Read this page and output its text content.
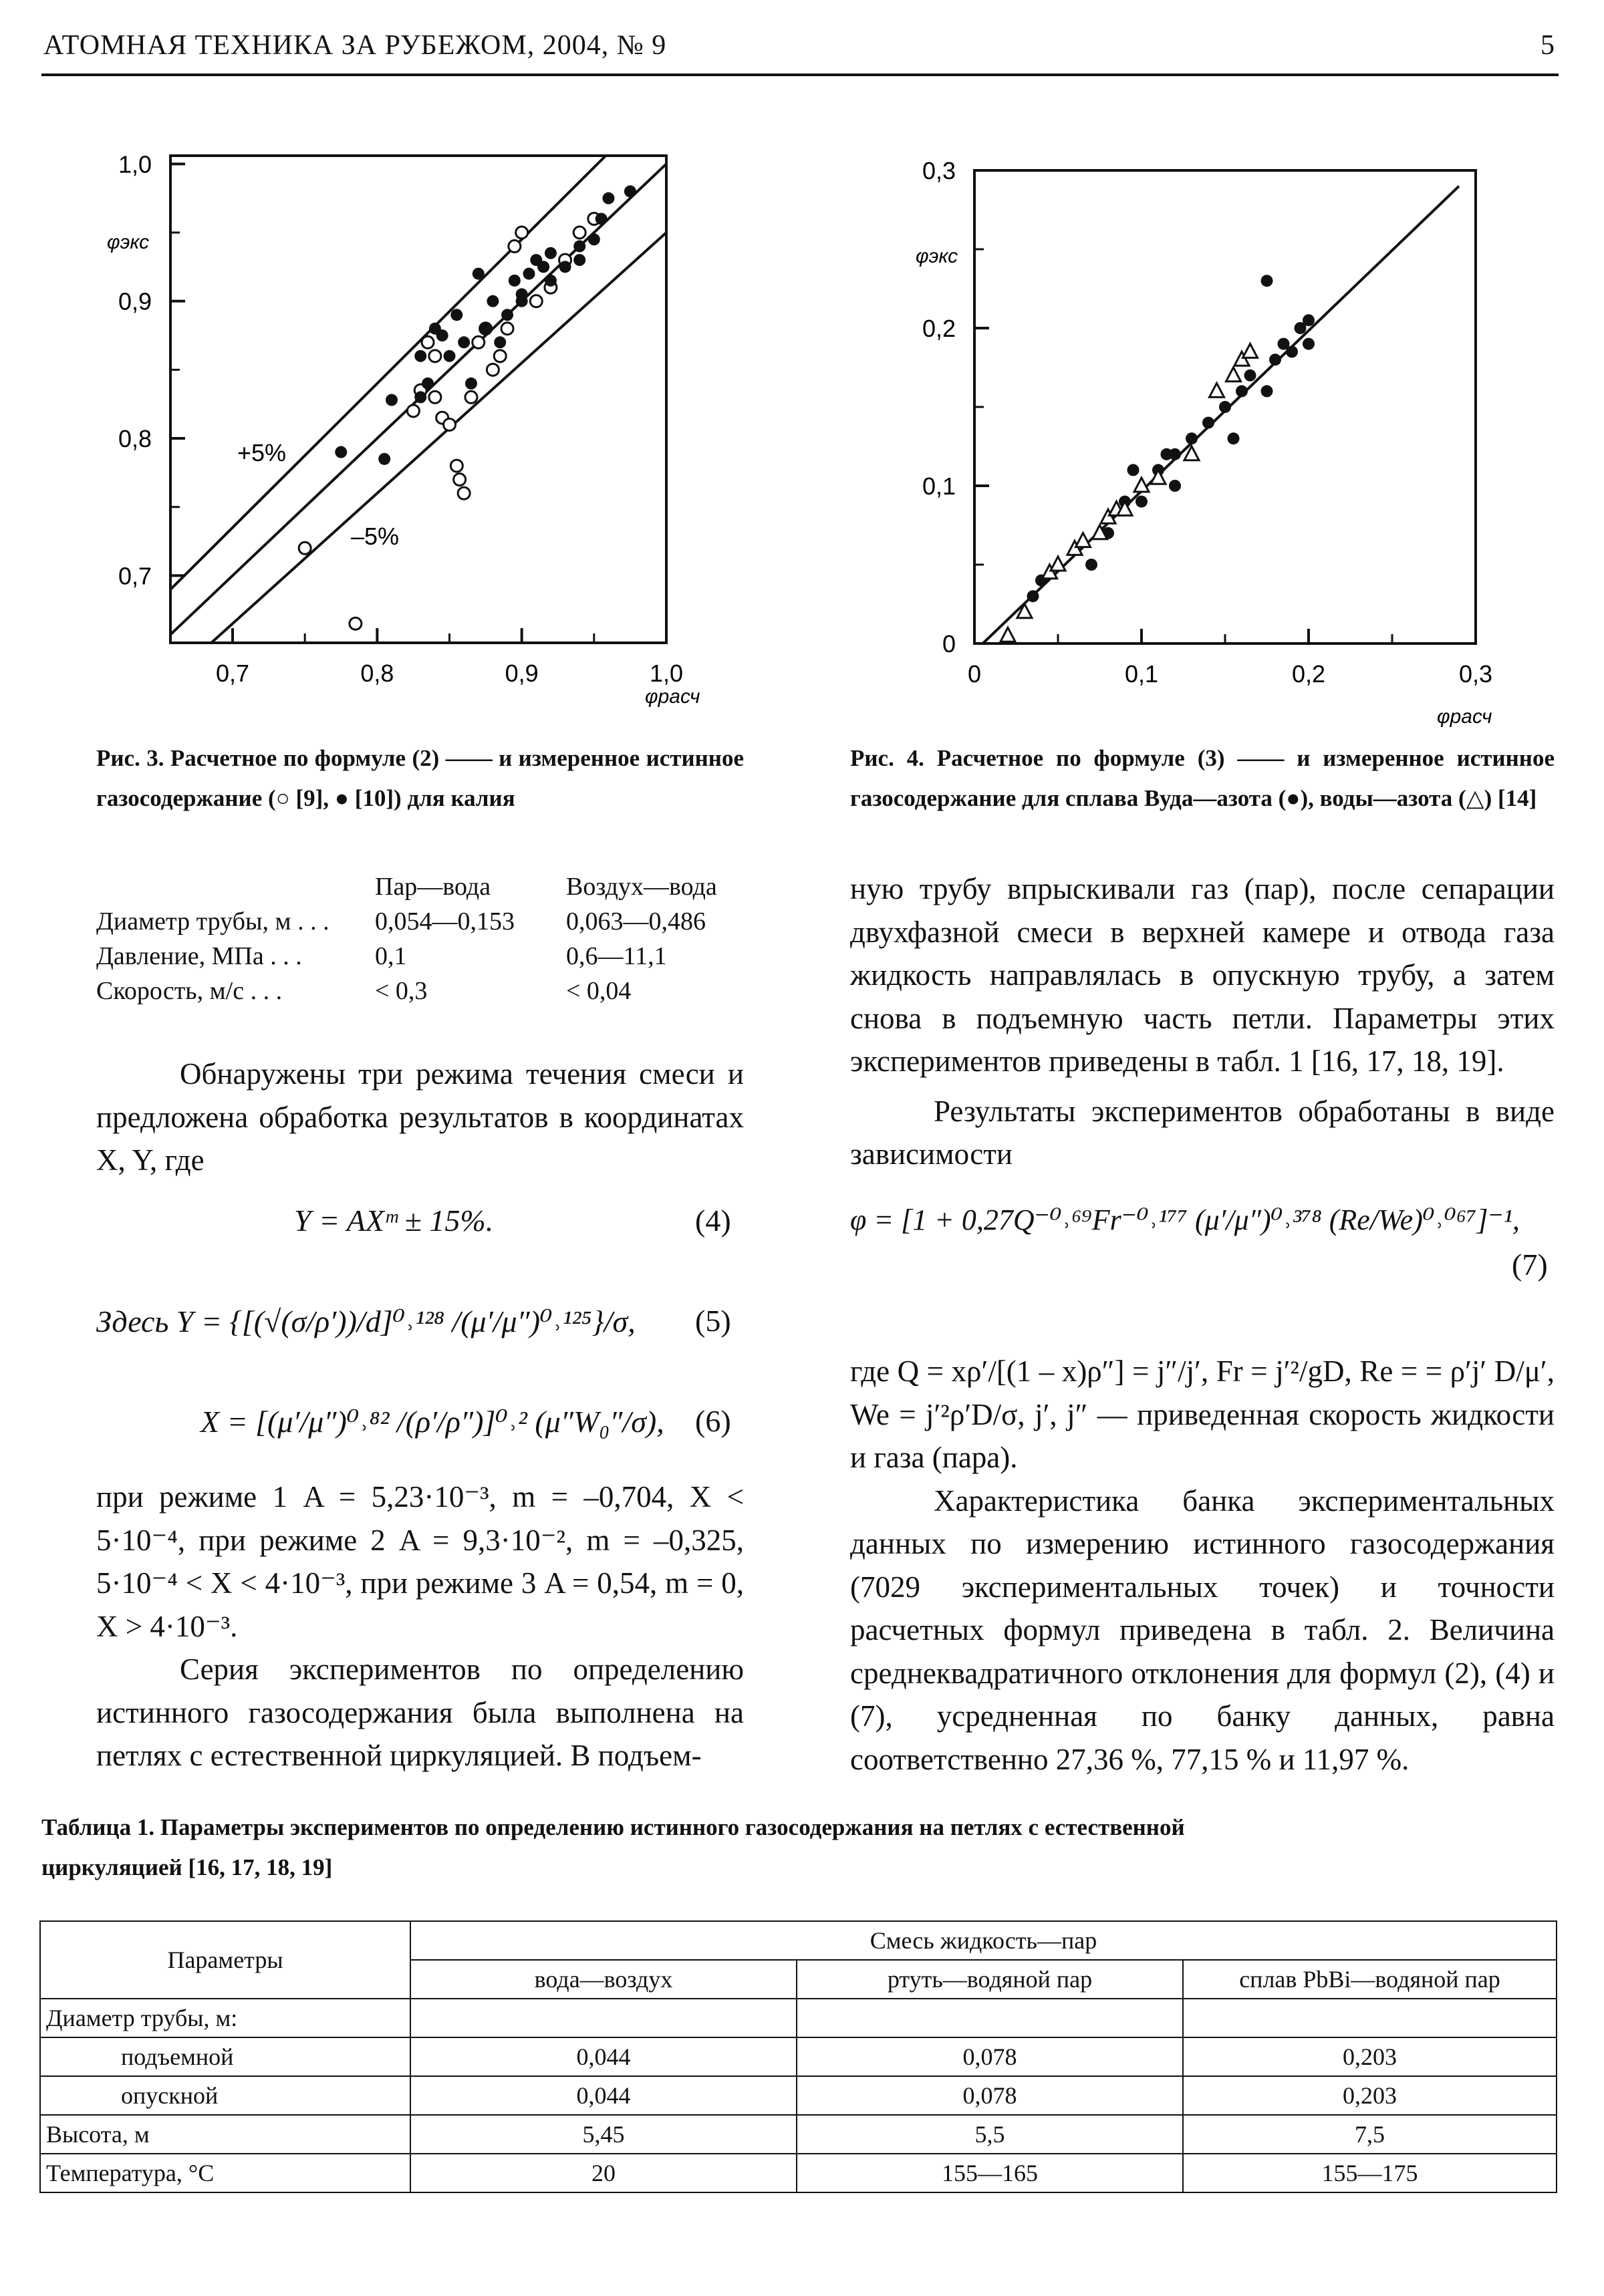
АТОМНАЯ ТЕХНИКА ЗА РУБЕЖОМ, 2004, № 9	5
0,7	0,8	0,9	1,0
1,0
0,9
0,8
0,7
φэкс
φрасч
+5%
–5%
0	0,1	0,2	0,3
0,3
0,2
0,1
0
φэкс
φрасч
Рис. 3. Расчетное по формуле (2) —— и измеренное истинное газосодержание (○ [9], ● [10]) для калия
Рис. 4. Расчетное по формуле (3) —— и измеренное истинное газосодержание для сплава Вуда—азота (●), воды—азота (△) [14]
Пар—вода	Воздух—вода
Диаметр трубы, м . . . 0,054—0,153 0,063—0,486
Давление, МПа . . .	0,1	0,6—11,1
Скорость, м/с . . .	< 0,3	< 0,04

Обнаружены три режима течения смеси и предложена обработка результатов в координатах X, Y, где

Y = AXᵐ ± 15%.	(4)
Здесь Y = {[(√(σ/ρ′))/d]⁰˒¹²⁸ /(μ′/μ″)⁰˒¹²⁵}/σ, (5)
X = [(μ′/μ″)⁰˒⁸² /(ρ′/ρ″)]⁰˒² (μ″W₀″/σ), (6)

при режиме 1 A = 5,23·10⁻³, m = –0,704, X < 5·10⁻⁴, при режиме 2 A = 9,3·10⁻², m = –0,325, 5·10⁻⁴ < X < 4·10⁻³, при режиме 3 A = 0,54, m = 0, X > 4·10⁻³.

Серия экспериментов по определению истинного газосодержания была выполнена на петлях с естественной циркуляцией. В подъем-

ную трубу впрыскивали газ (пар), после сепарации двухфазной смеси в верхней камере и отвода газа жидкость направлялась в опускную трубу, а затем снова в подъемную часть петли. Параметры этих экспериментов приведены в табл. 1 [16, 17, 18, 19].

Результаты экспериментов обработаны в виде зависимости

φ = [1 + 0,27Q⁻⁰˒⁶⁹Fr⁻⁰˒¹⁷⁷ (μ′/μ″)⁰˒³⁷⁸ (Re/We)⁰˒⁰⁶⁷]⁻¹,
(7)

где Q = xρ′/[(1 – x)ρ″] = j″/j′, Fr = j′²/gD, Re = = ρ′j′ D/μ′, We = j′²ρ′D/σ, j′, j″ — приведенная скорость жидкости и газа (пара).

Характеристика банка экспериментальных данных по измерению истинного газосодержания (7029 экспериментальных точек) и точности расчетных формул приведена в табл. 2. Величина среднеквадратичного отклонения для формул (2), (4) и (7), усредненная по банку данных, равна соответственно 27,36 %, 77,15 % и 11,97 %.

Таблица 1. Параметры экспериментов по определению истинного газосодержания на петлях с естественной циркуляцией [16, 17, 18, 19]
Параметры	Смесь жидкость—пар		
	вода—воздух	ртуть—водяной пар	сплав PbBi—водяной пар
Диаметр трубы, м:			
подъемной	0,044	0,078	0,203
опускной	0,044	0,078	0,203
Высота, м	5,45	5,5	7,5
Температура, °С	20	155—165	155—175
